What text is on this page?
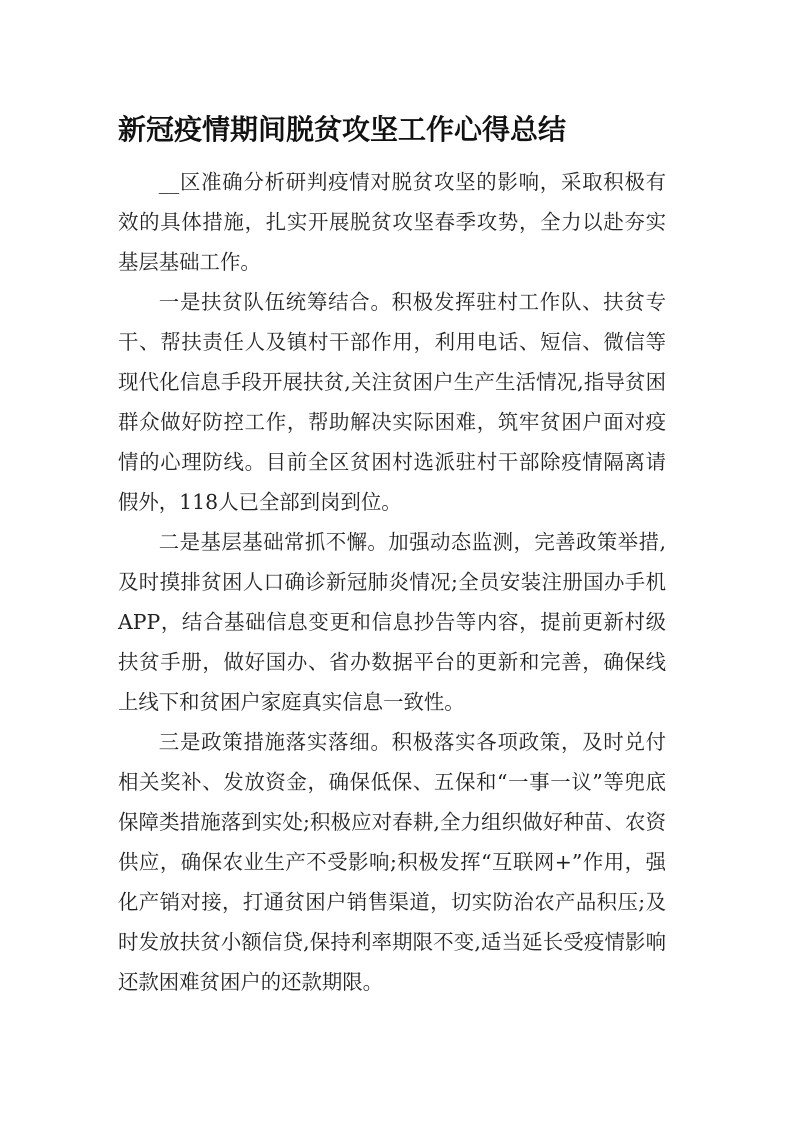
新冠疫情期间脱贫攻坚工作心得总结

__区准确分析研判疫情对脱贫攻坚的影响，采取积极有效的具体措施，扎实开展脱贫攻坚春季攻势，全力以赴夯实基层基础工作。

一是扶贫队伍统筹结合。积极发挥驻村工作队、扶贫专干、帮扶责任人及镇村干部作用，利用电话、短信、微信等现代化信息手段开展扶贫,关注贫困户生产生活情况,指导贫困群众做好防控工作，帮助解决实际困难，筑牢贫困户面对疫情的心理防线。目前全区贫困村选派驻村干部除疫情隔离请假外，118人已全部到岗到位。

二是基层基础常抓不懈。加强动态监测，完善政策举措,及时摸排贫困人口确诊新冠肺炎情况;全员安装注册国办手机APP，结合基础信息变更和信息抄告等内容，提前更新村级扶贫手册，做好国办、省办数据平台的更新和完善，确保线上线下和贫困户家庭真实信息一致性。

三是政策措施落实落细。积极落实各项政策，及时兑付相关奖补、发放资金，确保低保、五保和“一事一议”等兜底保障类措施落到实处;积极应对春耕,全力组织做好种苗、农资供应，确保农业生产不受影响;积极发挥“互联网+”作用，强化产销对接，打通贫困户销售渠道，切实防治农产品积压;及时发放扶贫小额信贷,保持利率期限不变,适当延长受疫情影响还款困难贫困户的还款期限。
